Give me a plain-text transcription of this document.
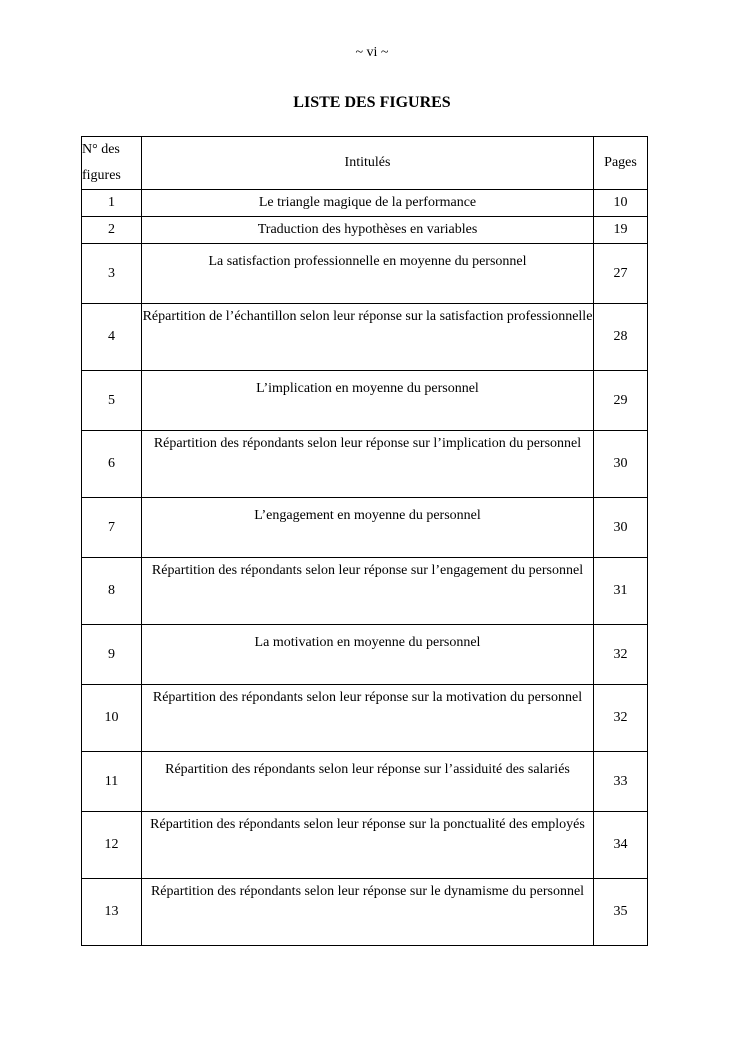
~ vi ~
LISTE DES FIGURES
N° des figures	Intitulés	Pages
1	Le triangle magique de la performance	10
2	Traduction des hypothèses en variables	19
3	La satisfaction professionnelle en moyenne du personnel	27
4	Répartition de l’échantillon selon leur réponse sur la satisfaction professionnelle	28
5	L’implication en moyenne du personnel	29
6	Répartition des répondants selon leur réponse sur l’implication du personnel	30
7	L’engagement en moyenne du personnel	30
8	Répartition des répondants selon leur réponse sur l’engagement du personnel	31
9	La motivation en moyenne du personnel	32
10	Répartition des répondants selon leur réponse sur la motivation du personnel	32
11	Répartition des répondants selon leur réponse sur l’assiduité des salariés	33
12	Répartition des répondants selon leur réponse sur la ponctualité des employés	34
13	Répartition des répondants selon leur réponse sur le dynamisme du personnel	35
